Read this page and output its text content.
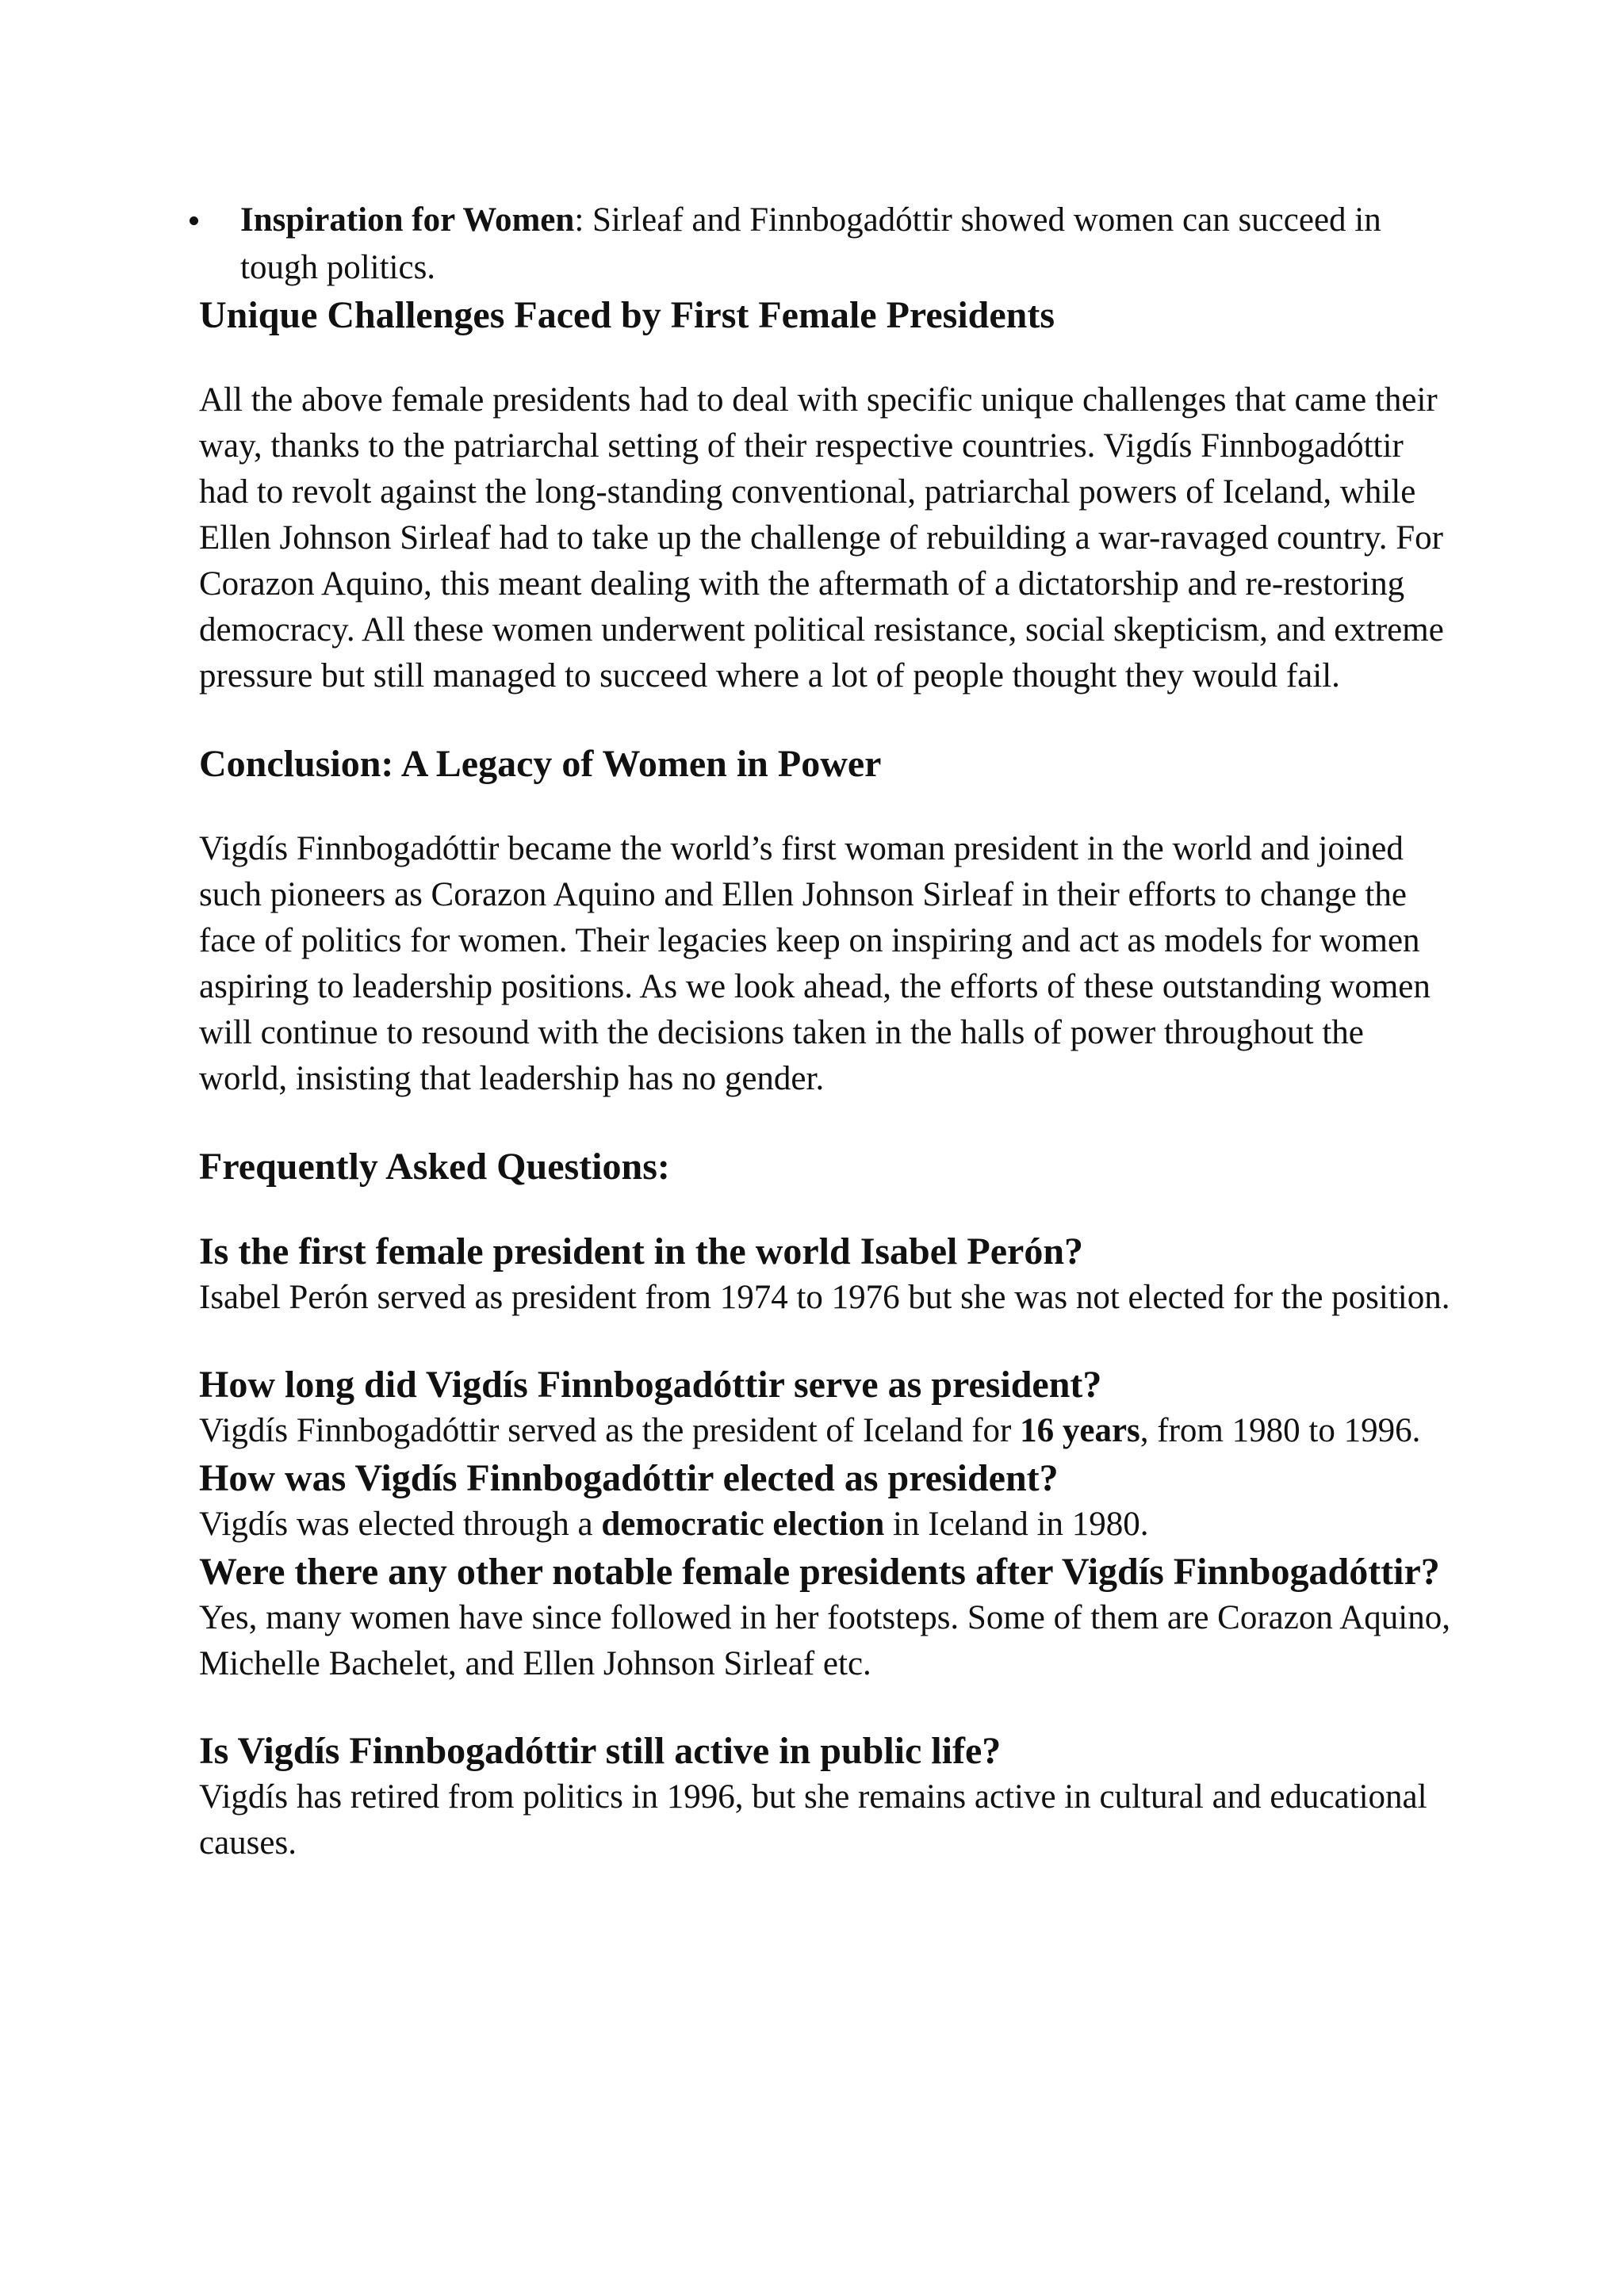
Inspiration for Women: Sirleaf and Finnbogadóttir showed women can succeed in tough politics.
Unique Challenges Faced by First Female Presidents

All the above female presidents had to deal with specific unique challenges that came their way, thanks to the patriarchal setting of their respective countries. Vigdís Finnbogadóttir had to revolt against the long-standing conventional, patriarchal powers of Iceland, while Ellen Johnson Sirleaf had to take up the challenge of rebuilding a war-ravaged country. For Corazon Aquino, this meant dealing with the aftermath of a dictatorship and re-restoring democracy. All these women underwent political resistance, social skepticism, and extreme pressure but still managed to succeed where a lot of people thought they would fail.

Conclusion: A Legacy of Women in Power

Vigdís Finnbogadóttir became the world’s first woman president in the world and joined such pioneers as Corazon Aquino and Ellen Johnson Sirleaf in their efforts to change the face of politics for women. Their legacies keep on inspiring and act as models for women aspiring to leadership positions. As we look ahead, the efforts of these outstanding women will continue to resound with the decisions taken in the halls of power throughout the world, insisting that leadership has no gender.

Frequently Asked Questions:
Is the first female president in the world Isabel Perón?

Isabel Perón served as president from 1974 to 1976 but she was not elected for the position.

How long did Vigdís Finnbogadóttir serve as president?

Vigdís Finnbogadóttir served as the president of Iceland for 16 years, from 1980 to 1996.

How was Vigdís Finnbogadóttir elected as president?

Vigdís was elected through a democratic election in Iceland in 1980.

Were there any other notable female presidents after Vigdís Finnbogadóttir?

Yes, many women have since followed in her footsteps. Some of them are Corazon Aquino, Michelle Bachelet, and Ellen Johnson Sirleaf etc.

Is Vigdís Finnbogadóttir still active in public life?

Vigdís has retired from politics in 1996, but she remains active in cultural and educational causes.
